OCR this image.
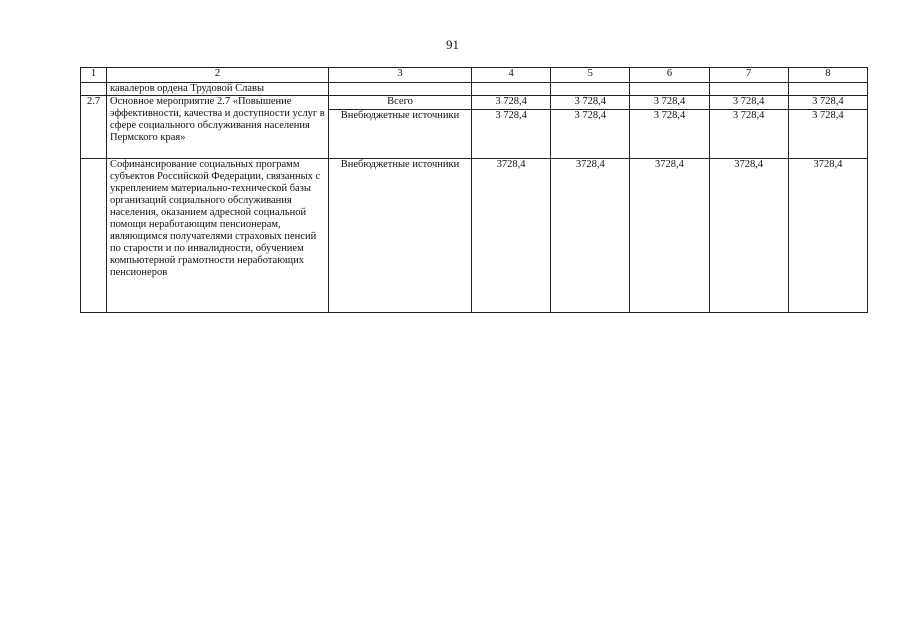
91
1	2	3	4	5	6	7	8
	кавалеров ордена Трудовой Славы						
2.7	Основное мероприятие 2.7 «Повышение эффективности, качества и доступности услуг в сфере социального обслуживания населения Пермского края»	Всего	3 728,4	3 728,4	3 728,4	3 728,4	3 728,4
		Внебюджетные источники	3 728,4	3 728,4	3 728,4	3 728,4	3 728,4
	Софинансирование социальных программ субъектов Российской Федерации, связанных с укреплением материально-технической базы организаций социального обслуживания населения, оказанием адресной социальной помощи неработающим пенсионерам, являющимся получателями страховых пенсий по старости и по инвалидности, обучением компьютерной грамотности неработающих пенсионеров	Внебюджетные источники	3728,4	3728,4	3728,4	3728,4	3728,4
